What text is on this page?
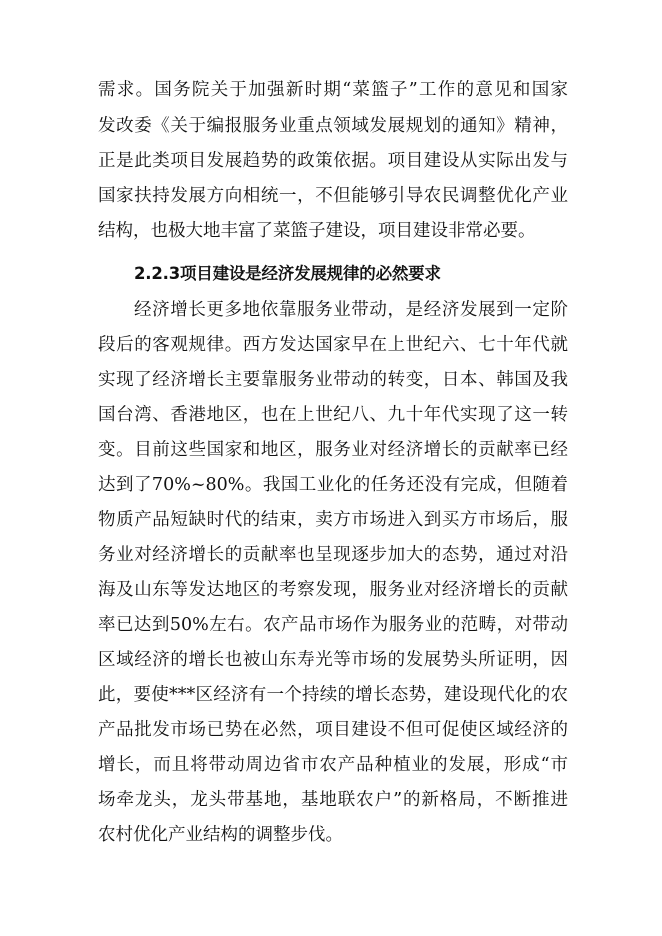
需求。国务院关于加强新时期“菜篮子”工作的意见和国家
发改委《关于编报服务业重点领域发展规划的通知》精神，
正是此类项目发展趋势的政策依据。项目建设从实际出发与
国家扶持发展方向相统一，不但能够引导农民调整优化产业
结构，也极大地丰富了菜篮子建设，项目建设非常必要。
2.2.3项目建设是经济发展规律的必然要求
经济增长更多地依靠服务业带动，是经济发展到一定阶
段后的客观规律。西方发达国家早在上世纪六、七十年代就
实现了经济增长主要靠服务业带动的转变，日本、韩国及我
国台湾、香港地区，也在上世纪八、九十年代实现了这一转
变。目前这些国家和地区，服务业对经济增长的贡献率已经
达到了70%~80%。我国工业化的任务还没有完成，但随着
物质产品短缺时代的结束，卖方市场进入到买方市场后，服
务业对经济增长的贡献率也呈现逐步加大的态势，通过对沿
海及山东等发达地区的考察发现，服务业对经济增长的贡献
率已达到50%左右。农产品市场作为服务业的范畴，对带动
区域经济的增长也被山东寿光等市场的发展势头所证明，因
此，要使***区经济有一个持续的增长态势，建设现代化的农
产品批发市场已势在必然，项目建设不但可促使区域经济的
增长，而且将带动周边省市农产品种植业的发展，形成“市
场牵龙头，龙头带基地，基地联农户”的新格局，不断推进
农村优化产业结构的调整步伐。
